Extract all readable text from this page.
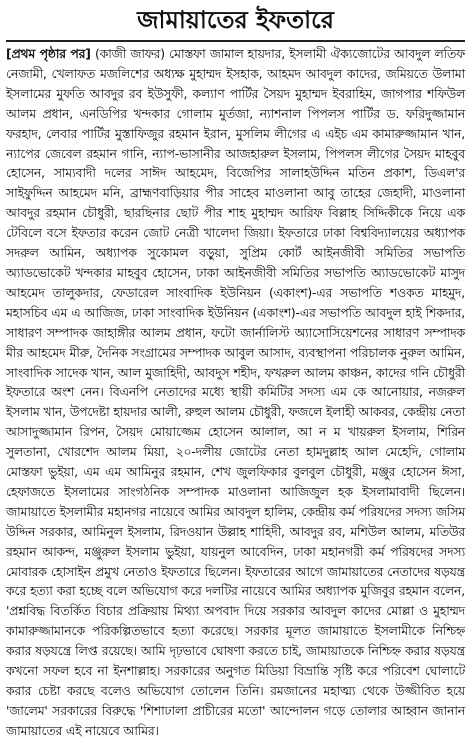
জামায়াতের ইফতারে

[প্রথম পৃষ্ঠার পর] (কাজী জাফর) মোস্তফা জামাল হায়দার, ইসলামী ঐক্যজোটের আবদুল লতিফ নেজামী, খেলাফত মজলিশের অধ্যক্ষ মুহাম্মদ ইসহাক, আহমদ আবদুল কাদের, জমিয়তে উলামা ইসলামের মুফতি আবদুর রব ইউসুফী, কল্যাণ পার্টির সৈয়দ মুহাম্মদ ইবরাহিম, জাগপার শফিউল আলম প্রধান, এনডিপির খন্দকার গোলাম মুর্তজা, ন্যাশনাল পিপলস পার্টির ড. ফরিদুজ্জামান ফরহাদ, লেবার পার্টির মুস্তাফিজুর রহমান ইরান, মুসলিম লীগের এ এইচ এম কামারুজ্জামান খান, ন্যাপের জেবেল রহমান গানি, ন্যাপ-ভাসানীর আজহারুল ইসলাম, পিপলস লীগের সৈয়দ মাহবুব হোসেন, সাম্যবাদী দলের সাঈদ আহমেদ, বিজেপির সালাহউদ্দিন মতিন প্রকাশ, ডিএল'র সাইফুদ্দিন আহমেদ মনি, ব্রাহ্মণবাড়িয়ার পীর সাহেব মাওলানা আবু তাহের জেহাদী, মাওলানা আবদুর রহমান চৌধুরী, ছারছিনার ছোট পীর শাহ মুহাম্মদ আরিফ বিল্লাহ সিদ্দিকীকে নিয়ে এক টেবিলে বসে ইফতার করেন জোট নেত্রী খালেদা জিয়া। ইফতারে ঢাকা বিশ্ববিদ্যালয়ের অধ্যাপক সদরুল আমিন, অধ্যাপক সুকোমল বড়ুয়া, সুপ্রিম কোর্ট আইনজীবী সমিতির সভাপতি অ্যাডভোকেট খন্দকার মাহবুব হোসেন, ঢাকা আইনজীবী সমিতির সভাপতি অ্যাডভোকেট মাসুদ আহমেদ তালুকদার, ফেডারেল সাংবাদিক ইউনিয়ন (একাংশ)-এর সভাপতি শওকত মাহমুদ, মহাসচিব এম এ আজিজ, ঢাকা সাংবাদিক ইউনিয়ন (একাংশ)-এর সভাপতি আবদুল হাই শিকদার, সাধারণ সম্পাদক জাহাঙ্গীর আলম প্রধান, ফটো জার্নালিস্ট অ্যাসোসিয়েশনের সাধারণ সম্পাদক মীর আহমেদ মীরু, দৈনিক সংগ্রামের সম্পাদক আবুল আসাদ, ব্যবস্থাপনা পরিচালক নুরুল আমিন, সাংবাদিক সাদেক খান, আল মুজাহিদী, আবদুস শহীদ, ফখরুল আলম কাঞ্চন, কাদের গনি চৌধুরী ইফতারে অংশ নেন। বিএনপি নেতাদের মধ্যে স্থায়ী কমিটির সদস্য এম কে আনোয়ার, নজরুল ইসলাম খান, উপদেষ্টা হায়দার আলী, রুহুল আলম চৌধুরী, ফজলে ইলাহী আকবর, কেন্দ্রীয় নেতা আসাদুজ্জামান রিপন, সৈয়দ মোয়াজ্জেম হোসেন আলাল, আ ন ম খায়রুল ইসলাম, শিরিন সুলতানা, খোরশেদ আলম মিয়া, ২০-দলীয় জোটের নেতা হামদুল্লাহ আল মেহেদি, গোলাম মোস্তফা ভুইয়া, এম এম আমিনুর রহমান, শেখ জুলফিকার বুলবুল চৌধুরী, মঞ্জুর হোসেন ঈসা, হেফাজতে ইসলামের সাংগঠনিক সম্পাদক মাওলানা আজিজুল হক ইসলামাবাদী ছিলেন। জামায়াতে ইসলামীর মহানগর নায়েবে আমির আবদুল হালিম, কেন্দ্রীয় কর্ম পরিষদের সদস্য জসিম উদ্দিন সরকার, আমিনুল ইসলাম, রিদওয়ান উল্লাহ শাহিদী, আবদুর রব, মশিউল আলম, মতিউর রহমান আকন্দ, মঞ্জুরুল ইসলাম ভুইয়া, যায়নুল আবেদিন, ঢাকা মহানগরী কর্ম পরিষদের সদস্য মোবারক হোসাইন প্রমুখ নেতাও ইফতারে ছিলেন। ইফতারের আগে জামায়াতের নেতাদের ষড়যন্ত্র করে হত্যা করা হচ্ছে বলে অভিযোগ করে দলটির নায়েবে আমির অধ্যাপক মুজিবুর রহমান বলেন, 'প্রশ্নবিদ্ধ বিতর্কিত বিচার প্রক্রিয়ায় মিথ্যা অপবাদ দিয়ে সরকার আবদুল কাদের মোল্লা ও মুহাম্মদ কামারুজ্জামানকে পরিকল্পিতভাবে হত্যা করেছে। সরকার মূলত জামায়াতে ইসলামীকে নিশ্চিহ্ন করার ষড়যন্ত্রে লিপ্ত রয়েছে। আমি দৃঢ়ভাবে ঘোষণা করতে চাই, জামায়াতকে নিশ্চিহ্ন করার ষড়যন্ত্র কখনো সফল হবে না ইনশাল্লাহ। সরকারের অনুগত মিডিয়া বিভ্রান্তি সৃষ্টি করে পরিবেশ ঘোলাটে করার চেষ্টা করছে বলেও অভিযোগ তোলেন তিনি। রমজানের মহাত্ম্য থেকে উজ্জীবিত হয়ে 'জালেম' সরকারের বিরুদ্ধে 'শিশাঢালা প্রাচীরের মতো' আন্দোলন গড়ে তোলার আহ্বান জানান জামায়াতের এই নায়েবে আমির।
